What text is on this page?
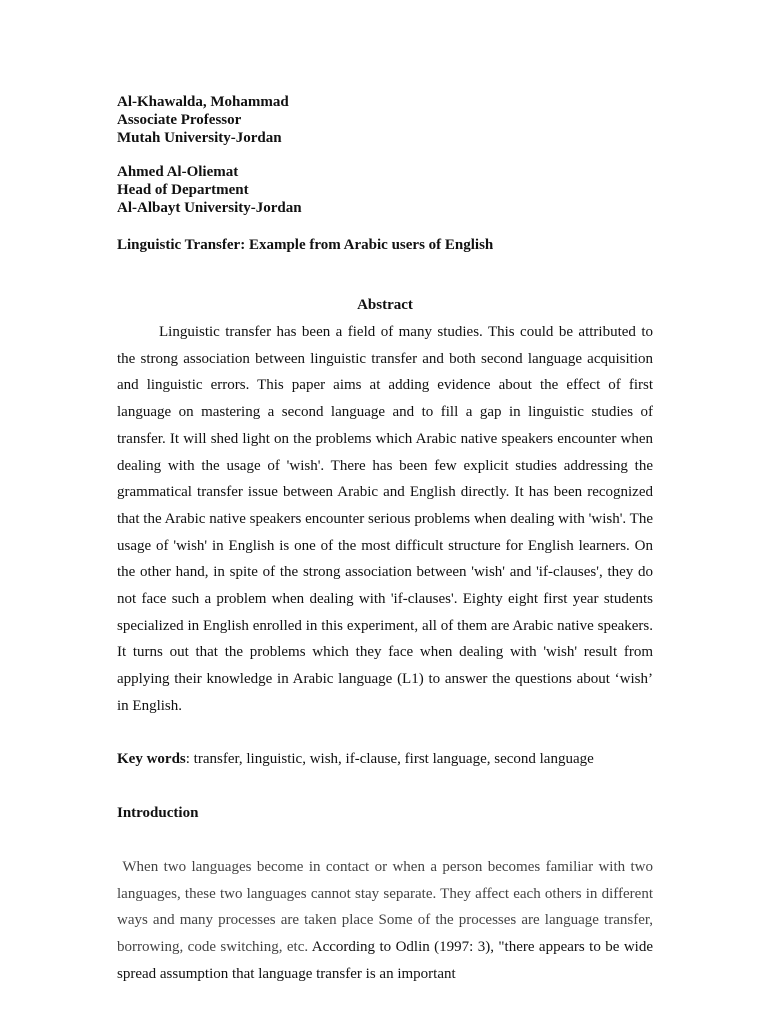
Al-Khawalda, Mohammad
Associate Professor
Mutah University-Jordan
Ahmed Al-Oliemat
Head of Department
Al-Albayt University-Jordan
Linguistic Transfer: Example from Arabic users of English
Abstract

Linguistic transfer has been a field of many studies. This could be attributed to the strong association between linguistic transfer and both second language acquisition and linguistic errors. This paper aims at adding evidence about the effect of first language on mastering a second language and to fill a gap in linguistic studies of transfer. It will shed light on the problems which Arabic native speakers encounter when dealing with the usage of 'wish'. There has been few explicit studies addressing the grammatical transfer issue between Arabic and English directly. It has been recognized that the Arabic native speakers encounter serious problems when dealing with 'wish'. The usage of 'wish' in English is one of the most difficult structure for English learners. On the other hand, in spite of the strong association between 'wish' and 'if-clauses', they do not face such a problem when dealing with 'if-clauses'. Eighty eight first year students specialized in English enrolled in this experiment, all of them are Arabic native speakers. It turns out that the problems which they face when dealing with 'wish' result from applying their knowledge in Arabic language (L1) to answer the questions about ‘wish’ in English.

Key words: transfer, linguistic, wish, if-clause, first language, second language
Introduction

When two languages become in contact or when a person becomes familiar with two languages, these two languages cannot stay separate. They affect each others in different ways and many processes are taken place Some of the processes are language transfer, borrowing, code switching, etc. According to Odlin (1997: 3), "there appears to be wide spread assumption that language transfer is an important
